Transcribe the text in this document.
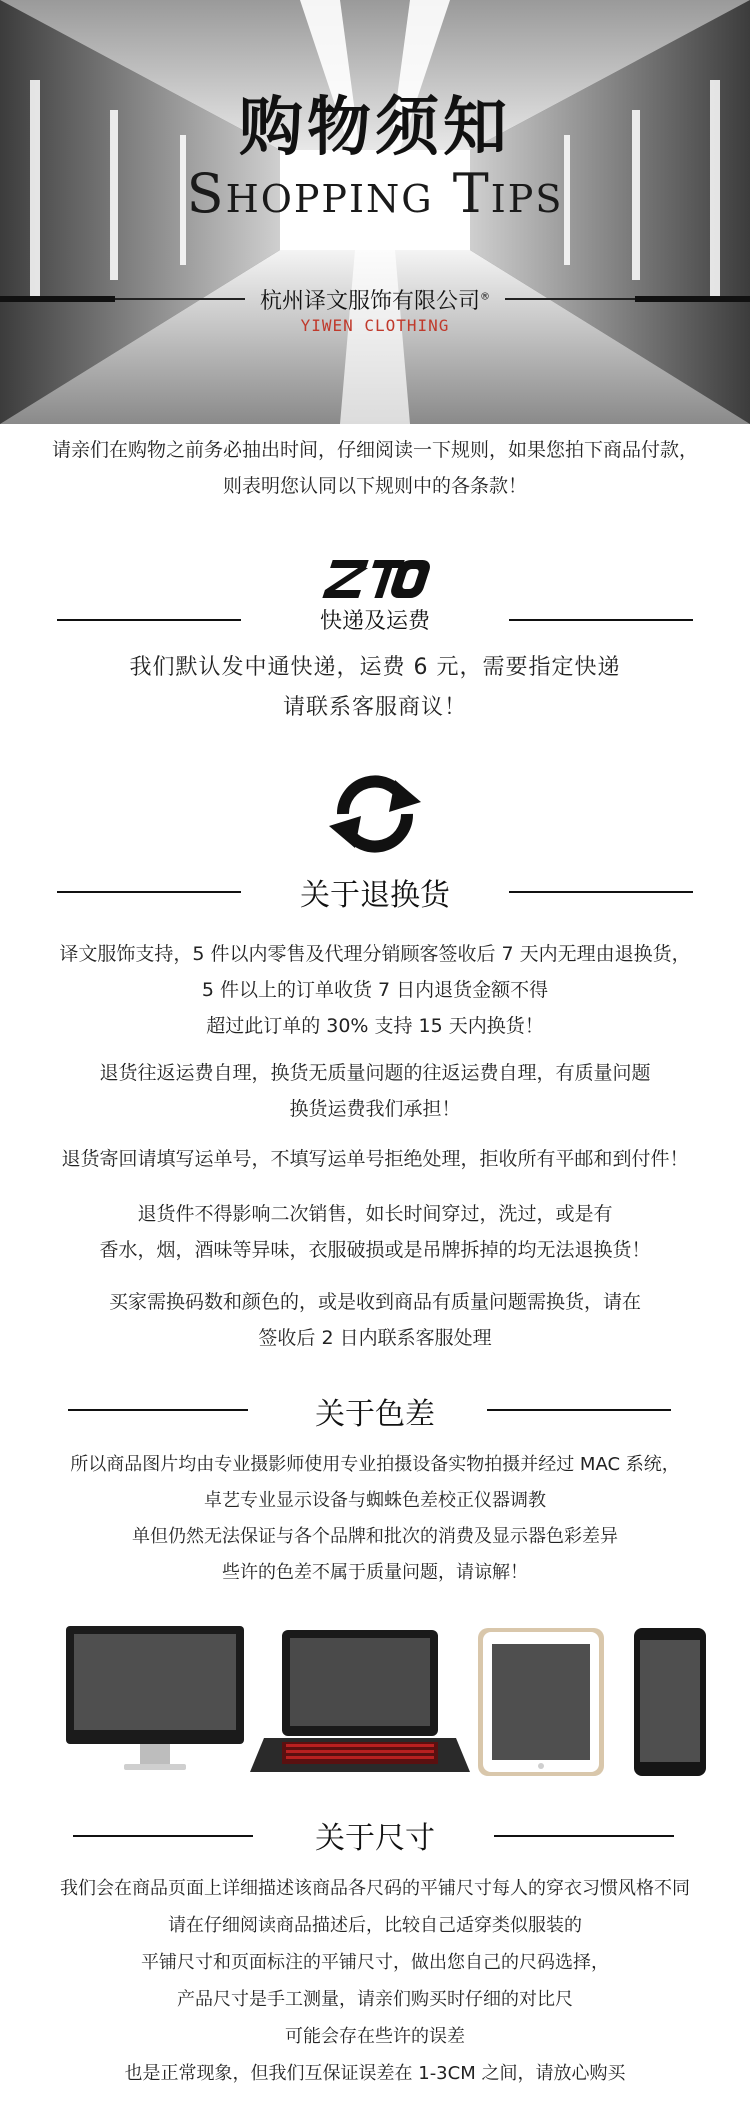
购物须知
Shopping Tips
杭州译文服饰有限公司®
YIWEN CLOTHING
请亲们在购物之前务必抽出时间，仔细阅读一下规则，如果您拍下商品付款，
则表明您认同以下规则中的各条款！
快递及运费

我们默认发中通快递，运费 6 元，需要指定快递

请联系客服商议！

关于退换货

译文服饰支持，5 件以内零售及代理分销顾客签收后 7 天内无理由退换货，

5 件以上的订单收货 7 日内退货金额不得

超过此订单的 30% 支持 15 天内换货！

退货往返运费自理，换货无质量问题的往返运费自理，有质量问题

换货运费我们承担！

退货寄回请填写运单号，不填写运单号拒绝处理，拒收所有平邮和到付件！

退货件不得影响二次销售，如长时间穿过，洗过，或是有

香水，烟，酒味等异味，衣服破损或是吊牌拆掉的均无法退换货！

买家需换码数和颜色的，或是收到商品有质量问题需换货，请在

签收后 2 日内联系客服处理

关于色差

所以商品图片均由专业摄影师使用专业拍摄设备实物拍摄并经过 MAC 系统，

卓艺专业显示设备与蜘蛛色差校正仪器调教

单但仍然无法保证与各个品牌和批次的消费及显示器色彩差异

些许的色差不属于质量问题，请谅解！

关于尺寸

我们会在商品页面上详细描述该商品各尺码的平铺尺寸每人的穿衣习惯风格不同

请在仔细阅读商品描述后，比较自己适穿类似服装的

平铺尺寸和页面标注的平铺尺寸，做出您自己的尺码选择，

产品尺寸是手工测量，请亲们购买时仔细的对比尺

可能会存在些许的误差

也是正常现象，但我们互保证误差在 1-3CM 之间，请放心购买
